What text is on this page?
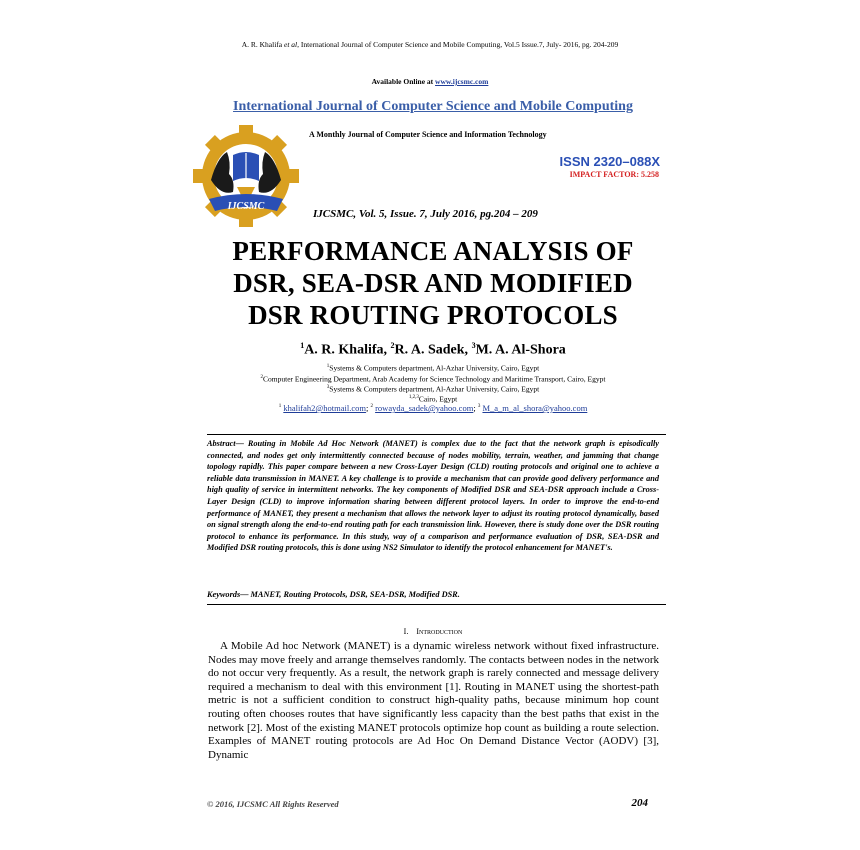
A. R. Khalifa et al, International Journal of Computer Science and Mobile Computing, Vol.5 Issue.7, July- 2016, pg. 204-209
Available Online at www.ijcsmc.com
International Journal of Computer Science and Mobile Computing
IJCSMC
A Monthly Journal of Computer Science and Information Technology
ISSN 2320–088X
IMPACT FACTOR: 5.258
IJCSMC, Vol. 5, Issue. 7, July 2016, pg.204 – 209
PERFORMANCE ANALYSIS OF
DSR, SEA-DSR AND MODIFIED
DSR ROUTING PROTOCOLS
$^1$A. R. Khalifa, $^2$R. A. Sadek, $^3$M. A. Al-Shora
$^1$Systems & Computers department, Al-Azhar University, Cairo, Egypt
$^2$Computer Engineering Department, Arab Academy for Science Technology and Maritime Transport, Cairo, Egypt
$^3$Systems & Computers department, Al-Azhar University, Cairo, Egypt
$^{1,2,3}$Cairo, Egypt
$^1$ khalifah2@hotmail.com; $^2$ rowayda_sadek@yahoo.com; $^3$ M_a_m_al_shora@yahoo.com
Abstract— Routing in Mobile Ad Hoc Network (MANET) is complex due to the fact that the network graph is episodically connected, and nodes get only intermittently connected because of nodes mobility, terrain, weather, and jamming that change topology rapidly. This paper compare between a new Cross-Layer Design (CLD) routing protocols and original one to achieve a reliable data transmission in MANET. A key challenge is to provide a mechanism that can provide good delivery performance and high quality of service in intermittent networks. The key components of Modified DSR and SEA-DSR approach include a Cross-Layer Design (CLD) to improve information sharing between different protocol layers. In order to improve the end-to-end performance of MANET, they present a mechanism that allows the network layer to adjust its routing protocol dynamically, based on signal strength along the end-to-end routing path for each transmission link. However, there is study done over the DSR routing protocol to enhance its performance. In this study, way of a comparison and performance evaluation of DSR, SEA-DSR and Modified DSR routing protocols, this is done using NS2 Simulator to identify the protocol enhancement for MANET's.
Keywords— MANET, Routing Protocols, DSR, SEA-DSR, Modified DSR.
I. Introduction

A Mobile Ad hoc Network (MANET) is a dynamic wireless network without fixed infrastructure. Nodes may move freely and arrange themselves randomly. The contacts between nodes in the network do not occur very frequently. As a result, the network graph is rarely connected and message delivery required a mechanism to deal with this environment [1]. Routing in MANET using the shortest-path metric is not a sufficient condition to construct high-quality paths, because minimum hop count routing often chooses routes that have significantly less capacity than the best paths that exist in the network [2]. Most of the existing MANET protocols optimize hop count as building a route selection. Examples of MANET routing protocols are Ad Hoc On Demand Distance Vector (AODV) [3], Dynamic

© 2016, IJCSMC All Rights Reserved	204
